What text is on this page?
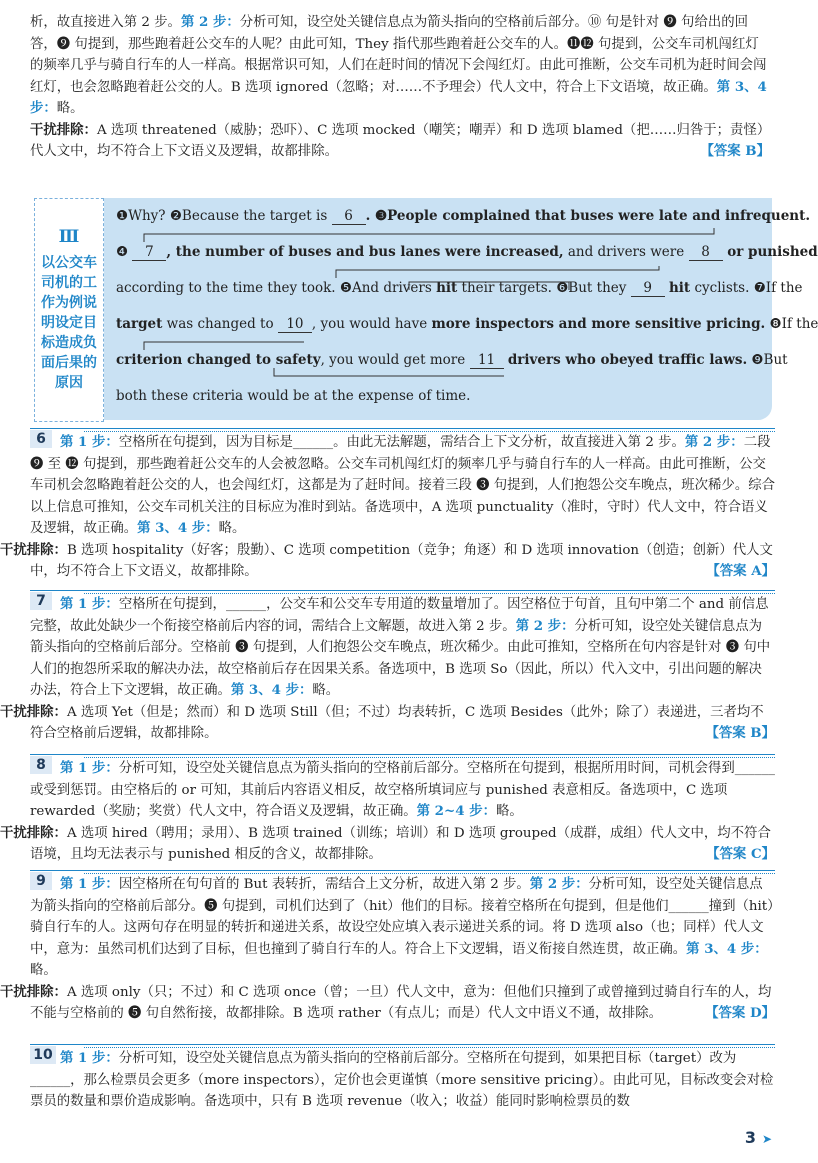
析，故直接进入第 2 步。第 2 步：分析可知，设空处关键信息点为箭头指向的空格前后部分。⑩ 句是针对 ❾ 句给出的回答，❾ 句提到，那些跑着赶公交车的人呢？由此可知，They 指代那些跑着赶公交车的人。⓫⓬ 句提到，公交车司机闯红灯的频率几乎与骑自行车的人一样高。根据常识可知，人们在赶时间的情况下会闯红灯。由此可推断，公交车司机为赶时间会闯红灯，也会忽略跑着赶公交的人。B 选项 ignored（忽略；对……不予理会）代人文中，符合上下文语境，故正确。第 3、4 步：略。
干扰排除：A 选项 threatened（威胁；恐吓）、C 选项 mocked（嘲笑；嘲弄）和 D 选项 blamed（把……归咎于；责怪）代人文中，均不符合上下文语义及逻辑，故都排除。	【答案 B】
Ⅲ
以公交车司机的工作为例说明设定目标造成负面后果的原因
❶Why? ❷Because the target is 6 . ❸People complained that buses were late and infrequent.
❹ 7 , the number of buses and bus lanes were increased, and drivers were 8 or punished
according to the time they took. ❺And drivers hit their targets. ❻But they 9 hit cyclists. ❼If the
target was changed to 10 , you would have more inspectors and more sensitive pricing. ❽If the
criterion changed to safety, you would get more 11 drivers who obeyed traffic laws. ❾But
both these criteria would be at the expense of time.
6	第 1 步：空格所在句提到，因为目标是______。由此无法解题，需结合上下文分析，故直接进入第 2 步。第 2 步：二段 ❾ 至 ⓬ 句提到，那些跑着赶公交车的人会被忽略。公交车司机闯红灯的频率几乎与骑自行车的人一样高。由此可推断，公交车司机会忽略跑着赶公交的人，也会闯红灯，这都是为了赶时间。接着三段 ❸ 句提到，人们抱怨公交车晚点，班次稀少。综合以上信息可推知，公交车司机关注的目标应为准时到站。备选项中，A 选项 punctuality（准时，守时）代人文中，符合语义及逻辑，故正确。第 3、4 步：略。
干扰排除：B 选项 hospitality（好客；殷勤）、C 选项 competition（竞争；角逐）和 D 选项 innovation（创造；创新）代人文中，均不符合上下文语义，故都排除。	【答案 A】
7	第 1 步：空格所在句提到，______，公交车和公交车专用道的数量增加了。因空格位于句首，且句中第二个 and 前信息完整，故此处缺少一个衔接空格前后内容的词，需结合上文解题，故进入第 2 步。第 2 步：分析可知，设空处关键信息点为箭头指向的空格前后部分。空格前 ❸ 句提到，人们抱怨公交车晚点，班次稀少。由此可推知，空格所在句内容是针对 ❸ 句中人们的抱怨所采取的解决办法，故空格前后存在因果关系。备选项中，B 选项 So（因此，所以）代入文中，引出问题的解决办法，符合上下文逻辑，故正确。第 3、4 步：略。
干扰排除：A 选项 Yet（但是；然而）和 D 选项 Still（但；不过）均表转折，C 选项 Besides（此外；除了）表递进，三者均不符合空格前后逻辑，故都排除。	【答案 B】
8	第 1 步：分析可知，设空处关键信息点为箭头指向的空格前后部分。空格所在句提到，根据所用时间，司机会得到______或受到惩罚。由空格后的 or 可知，其前后内容语义相反，故空格所填词应与 punished 表意相反。备选项中，C 选项 rewarded（奖励；奖赏）代人文中，符合语义及逻辑，故正确。第 2~4 步：略。
干扰排除：A 选项 hired（聘用；录用）、B 选项 trained（训练；培训）和 D 选项 grouped（成群，成组）代人文中，均不符合语境，且均无法表示与 punished 相反的含义，故都排除。	【答案 C】
9	第 1 步：因空格所在句句首的 But 表转折，需结合上文分析，故进入第 2 步。第 2 步：分析可知，设空处关键信息点为箭头指向的空格前后部分。❺ 句提到，司机们达到了（hit）他们的目标。接着空格所在句提到，但是他们______撞到（hit）骑自行车的人。这两句存在明显的转折和递进关系，故设空处应填入表示递进关系的词。将 D 选项 also（也；同样）代人文中，意为：虽然司机们达到了目标，但也撞到了骑自行车的人。符合上下文逻辑，语义衔接自然连贯，故正确。第 3、4 步：略。
干扰排除：A 选项 only（只；不过）和 C 选项 once（曾；一旦）代人文中，意为：但他们只撞到了或曾撞到过骑自行车的人，均不能与空格前的 ❺ 句自然衔接，故都排除。B 选项 rather（有点儿；而是）代人文中语义不通，故排除。	【答案 D】
10 第 1 步：分析可知，设空处关键信息点为箭头指向的空格前后部分。空格所在句提到，如果把目标（target）改为______，那么检票员会更多（more inspectors），定价也会更谨慎（more sensitive pricing）。由此可见，目标改变会对检票员的数量和票价造成影响。备选项中，只有 B 选项 revenue（收入；收益）能同时影响检票员的数
3 ➤
